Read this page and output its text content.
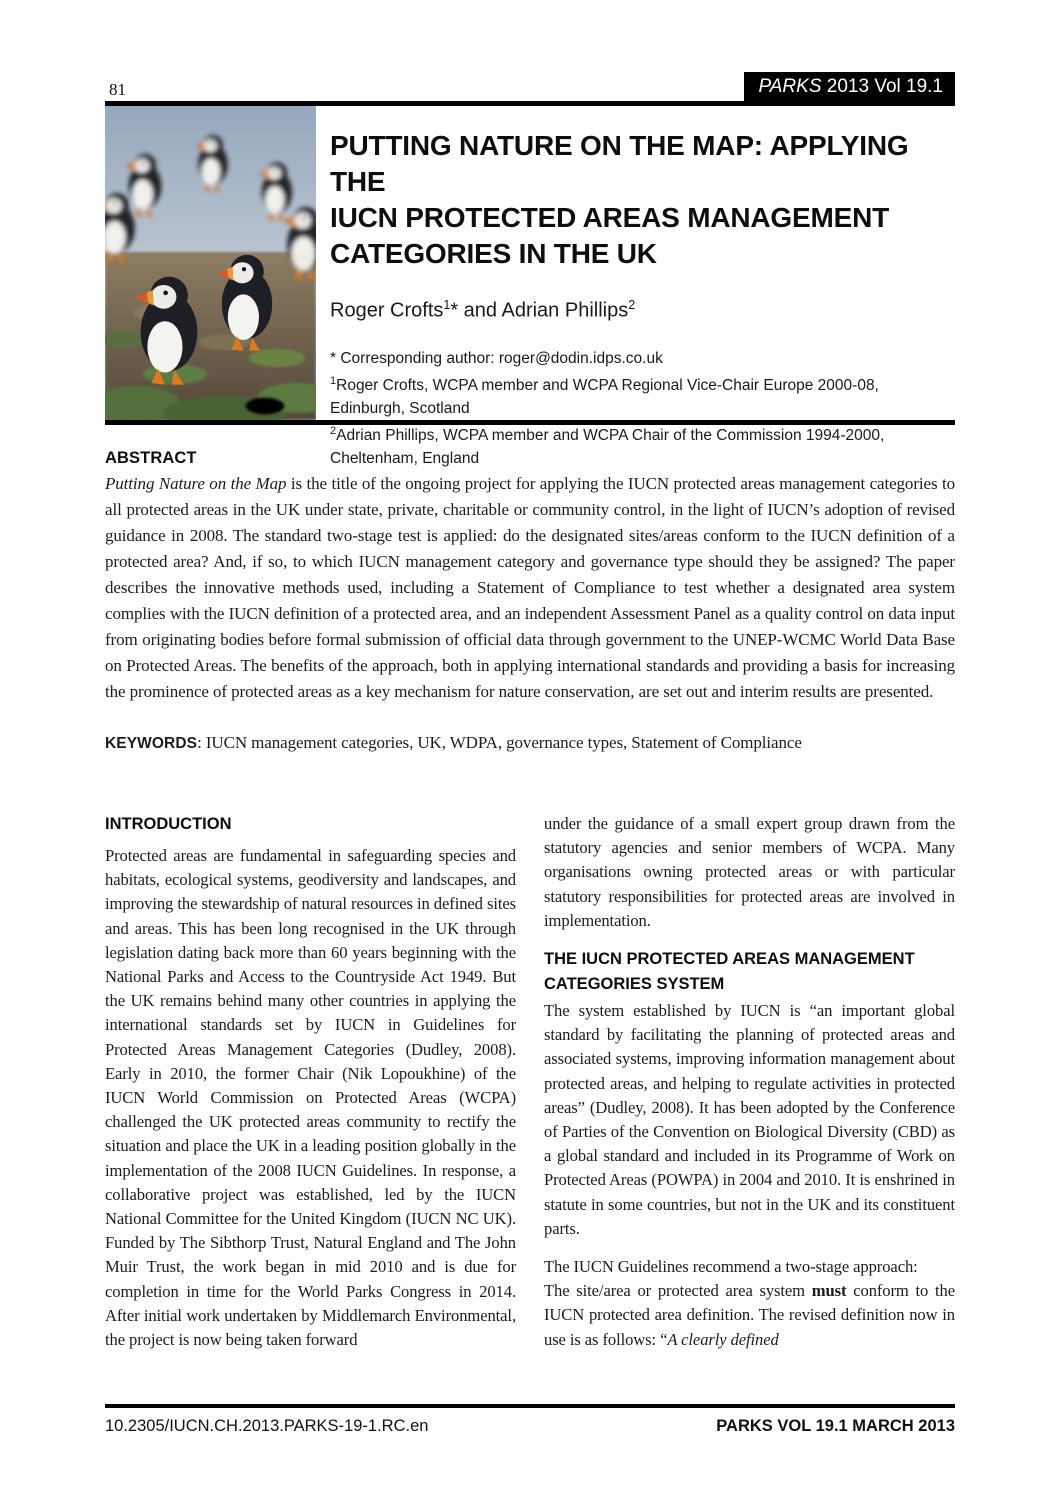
81	PARKS 2013 Vol 19.1
PUTTING NATURE ON THE MAP: APPLYING THE
IUCN PROTECTED AREAS MANAGEMENT
CATEGORIES IN THE UK
Roger Crofts$^1$* and Adrian Phillips$^2$
* Corresponding author: roger@dodin.idps.co.uk
$^1$Roger Crofts, WCPA member and WCPA Regional Vice-Chair Europe 2000-08, Edinburgh, Scotland
$^2$Adrian Phillips, WCPA member and WCPA Chair of the Commission 1994-2000, Cheltenham, England
ABSTRACT

Putting Nature on the Map is the title of the ongoing project for applying the IUCN protected areas management categories to all protected areas in the UK under state, private, charitable or community control, in the light of IUCN’s adoption of revised guidance in 2008. The standard two-stage test is applied: do the designated sites/areas conform to the IUCN definition of a protected area? And, if so, to which IUCN management category and governance type should they be assigned? The paper describes the innovative methods used, including a Statement of Compliance to test whether a designated area system complies with the IUCN definition of a protected area, and an independent Assessment Panel as a quality control on data input from originating bodies before formal submission of official data through government to the UNEP-WCMC World Data Base on Protected Areas. The benefits of the approach, both in applying international standards and providing a basis for increasing the prominence of protected areas as a key mechanism for nature conservation, are set out and interim results are presented.

KEYWORDS: IUCN management categories, UK, WDPA, governance types, Statement of Compliance

INTRODUCTION

Protected areas are fundamental in safeguarding species and habitats, ecological systems, geodiversity and landscapes, and improving the stewardship of natural resources in defined sites and areas. This has been long recognised in the UK through legislation dating back more than 60 years beginning with the National Parks and Access to the Countryside Act 1949. But the UK remains behind many other countries in applying the international standards set by IUCN in Guidelines for Protected Areas Management Categories (Dudley, 2008). Early in 2010, the former Chair (Nik Lopoukhine) of the IUCN World Commission on Protected Areas (WCPA) challenged the UK protected areas community to rectify the situation and place the UK in a leading position globally in the implementation of the 2008 IUCN Guidelines. In response, a collaborative project was established, led by the IUCN National Committee for the United Kingdom (IUCN NC UK). Funded by The Sibthorp Trust, Natural England and The John Muir Trust, the work began in mid 2010 and is due for completion in time for the World Parks Congress in 2014. After initial work undertaken by Middlemarch Environmental, the project is now being taken forward

under the guidance of a small expert group drawn from the statutory agencies and senior members of WCPA. Many organisations owning protected areas or with particular statutory responsibilities for protected areas are involved in implementation.

THE IUCN PROTECTED AREAS MANAGEMENT CATEGORIES SYSTEM

The system established by IUCN is “an important global standard by facilitating the planning of protected areas and associated systems, improving information management about protected areas, and helping to regulate activities in protected areas” (Dudley, 2008). It has been adopted by the Conference of Parties of the Convention on Biological Diversity (CBD) as a global standard and included in its Programme of Work on Protected Areas (POWPA) in 2004 and 2010. It is enshrined in statute in some countries, but not in the UK and its constituent parts.

The IUCN Guidelines recommend a two-stage approach:
The site/area or protected area system must conform to the IUCN protected area definition. The revised definition now in use is as follows: “A clearly defined

10.2305/IUCN.CH.2013.PARKS-19-1.RC.en	PARKS VOL 19.1 MARCH 2013
